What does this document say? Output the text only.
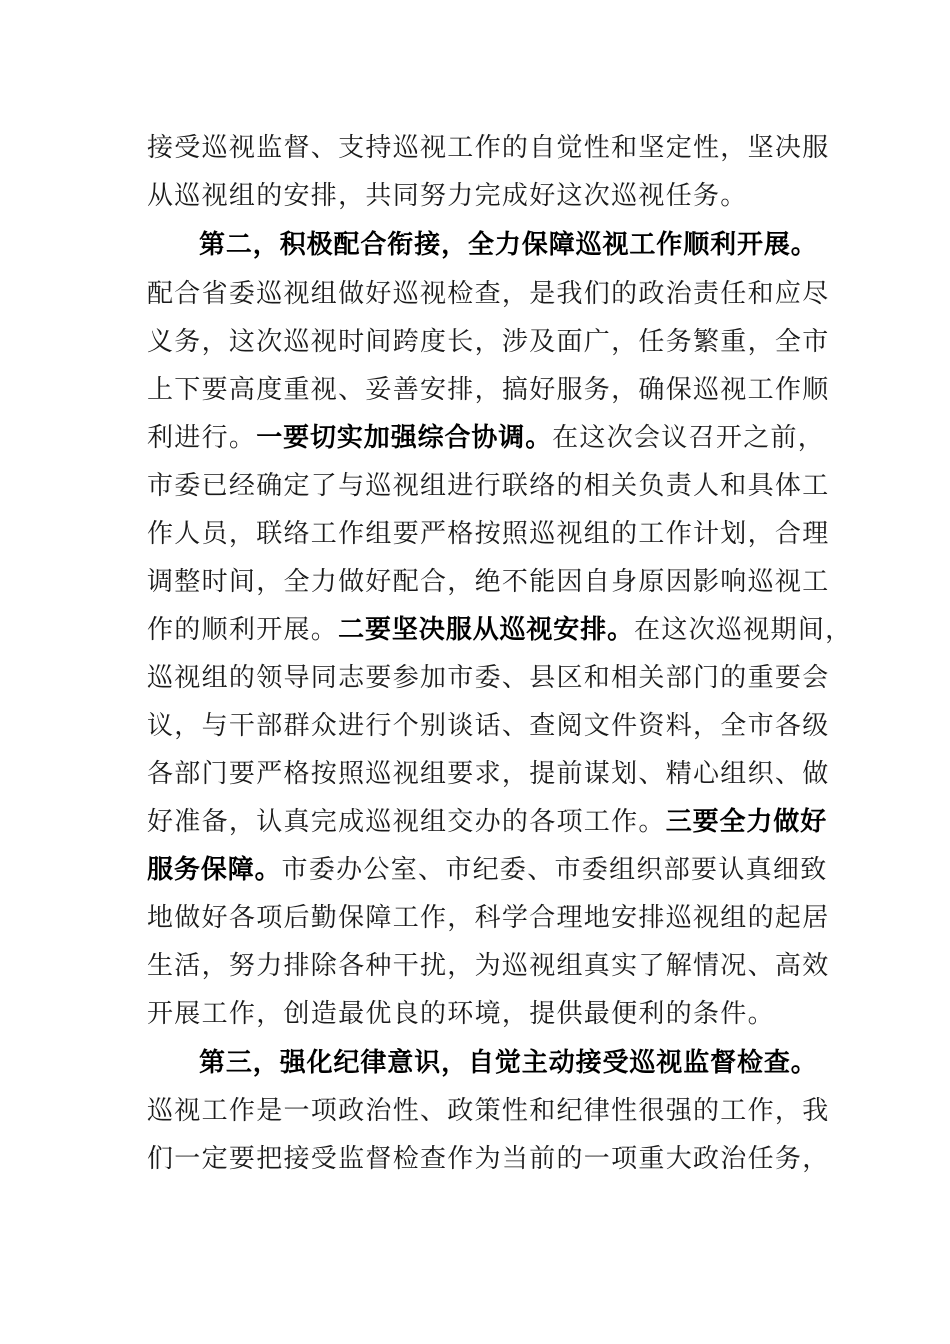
接受巡视监督、支持巡视工作的自觉性和坚定性，坚决服
从巡视组的安排，共同努力完成好这次巡视任务。
第二，积极配合衔接，全力保障巡视工作顺利开展。
配合省委巡视组做好巡视检查，是我们的政治责任和应尽
义务，这次巡视时间跨度长，涉及面广，任务繁重，全市
上下要高度重视、妥善安排，搞好服务，确保巡视工作顺
利进行。一要切实加强综合协调。在这次会议召开之前，
市委已经确定了与巡视组进行联络的相关负责人和具体工
作人员，联络工作组要严格按照巡视组的工作计划，合理
调整时间，全力做好配合，绝不能因自身原因影响巡视工
作的顺利开展。二要坚决服从巡视安排。在这次巡视期间，
巡视组的领导同志要参加市委、县区和相关部门的重要会
议，与干部群众进行个别谈话、查阅文件资料，全市各级
各部门要严格按照巡视组要求，提前谋划、精心组织、做
好准备，认真完成巡视组交办的各项工作。三要全力做好
服务保障。市委办公室、市纪委、市委组织部要认真细致
地做好各项后勤保障工作，科学合理地安排巡视组的起居
生活，努力排除各种干扰，为巡视组真实了解情况、高效
开展工作，创造最优良的环境，提供最便利的条件。
第三，强化纪律意识，自觉主动接受巡视监督检查。
巡视工作是一项政治性、政策性和纪律性很强的工作，我
们一定要把接受监督检查作为当前的一项重大政治任务，
